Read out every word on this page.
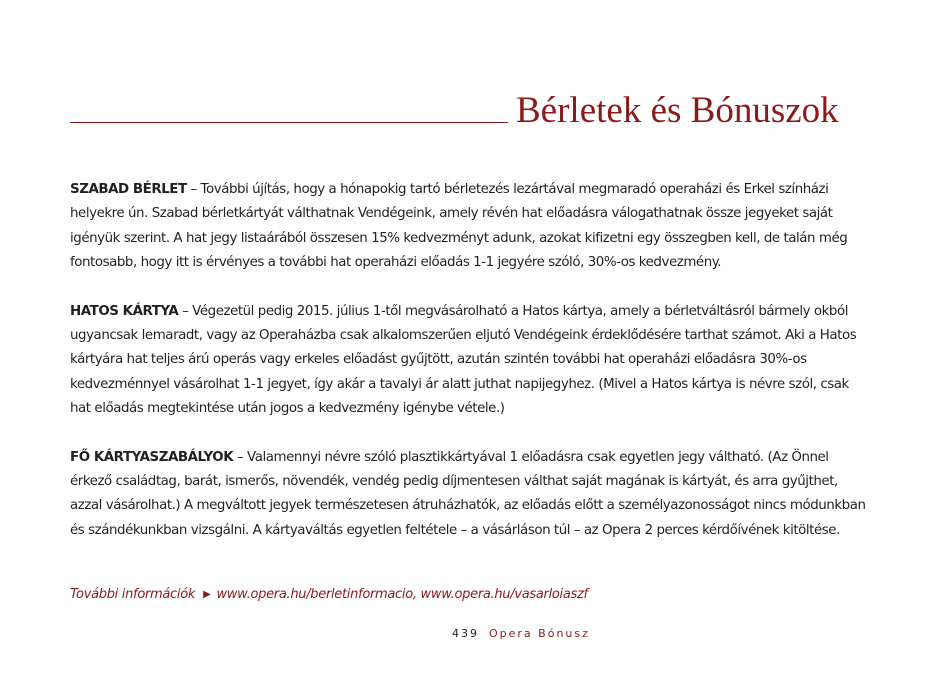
Bérletek és Bónuszok

SZABAD BÉRLET – További újítás, hogy a hónapokig tartó bérletezés lezártával megmaradó operaházi és Erkel színházi helyekre ún. Szabad bérletkártyát válthatnak Vendégeink, amely révén hat előadásra válogathatnak össze jegyeket saját igényük szerint. A hat jegy listaárából összesen 15% kedvezményt adunk, azokat kifizetni egy összegben kell, de talán még fontosabb, hogy itt is érvényes a további hat operaházi előadás 1-1 jegyére szóló, 30%-os kedvezmény.

HATOS KÁRTYA – Végezetül pedig 2015. július 1-től megvásárolható a Hatos kártya, amely a bérletváltásról bármely okból ugyancsak lemaradt, vagy az Operaházba csak alkalomszerűen eljutó Vendégeink érdeklődésére tarthat számot. Aki a Hatos kártyára hat teljes árú operás vagy erkeles előadást gyűjtött, azután szintén további hat operaházi előadásra 30%-os kedvezménnyel vásárolhat 1-1 jegyet, így akár a tavalyi ár alatt juthat napijegyhez. (Mivel a Hatos kártya is névre szól, csak hat előadás megtekintése után jogos a kedvezmény igénybe vétele.)

FŐ KÁRTYASZABÁLYOK – Valamennyi névre szóló plasztikkártyával 1 előadásra csak egyetlen jegy váltható. (Az Önnel érkező családtag, barát, ismerős, növendék, vendég pedig díjmentesen válthat saját magának is kártyát, és arra gyűjthet, azzal vásárolhat.) A megváltott jegyek természetesen átruházhatók, az előadás előtt a személyazonosságot nincs módunkban és szándékunkban vizsgálni. A kártyaváltás egyetlen feltétele – a vásárláson túl – az Opera 2 perces kérdőívének kitöltése.

További információk ▶ www.opera.hu/berletinformacio, www.opera.hu/vasarloiaszf
439 Opera Bónusz
